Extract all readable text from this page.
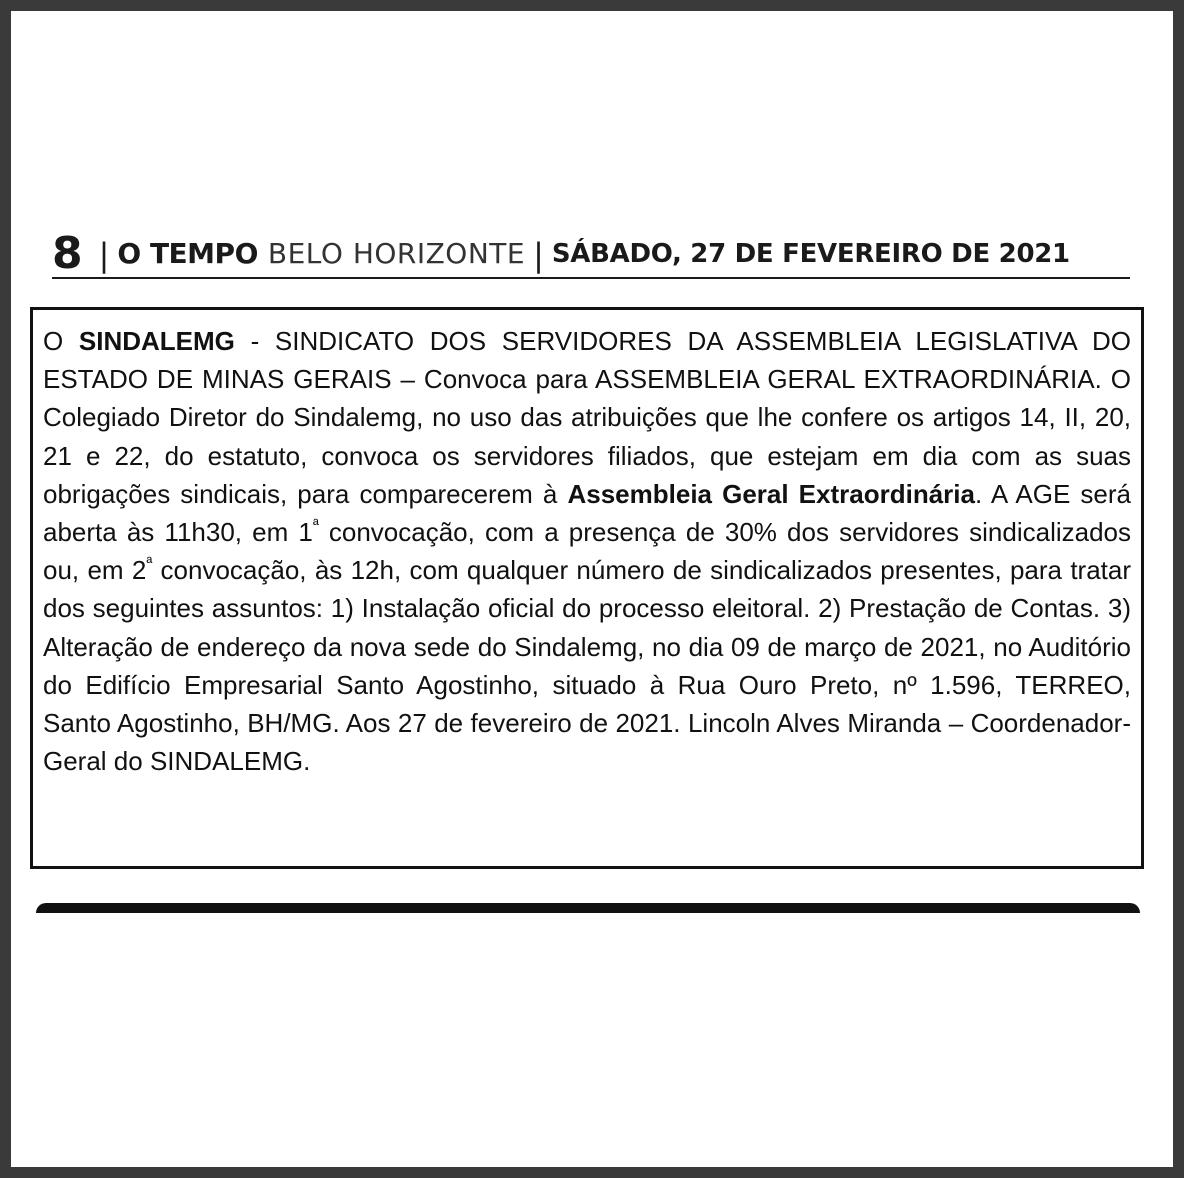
8 | O TEMPO BELO HORIZONTE | SÁBADO, 27 DE FEVEREIRO DE 2021

O SINDALEMG - SINDICATO DOS SERVIDORES DA ASSEMBLEIA LEGISLATIVA DO ESTADO DE MINAS GERAIS – Convoca para ASSEMBLEIA GERAL EXTRAORDINÁRIA. O Colegiado Diretor do Sindalemg, no uso das atribuições que lhe confere os artigos 14, II, 20, 21 e 22, do estatuto, convoca os servidores filiados, que estejam em dia com as suas obrigações sindicais, para comparecerem à Assembleia Geral Extraordinária. A AGE será aberta às 11h30, em $1^ª$ convocação, com a presença de 30% dos servidores sindicalizados ou, em $2^ª$ convocação, às 12h, com qualquer número de sindicalizados presentes, para tratar dos seguintes assuntos: 1) Instalação oficial do processo eleitoral. 2) Prestação de Contas. 3) Alteração de endereço da nova sede do Sindalemg, no dia 09 de março de 2021, no Auditório do Edifício Empresarial Santo Agostinho, situado à Rua Ouro Preto, nº 1.596, TERREO, Santo Agostinho, BH/MG. Aos 27 de fevereiro de 2021. Lincoln Alves Miranda – Coordenador-Geral do SINDALEMG.
